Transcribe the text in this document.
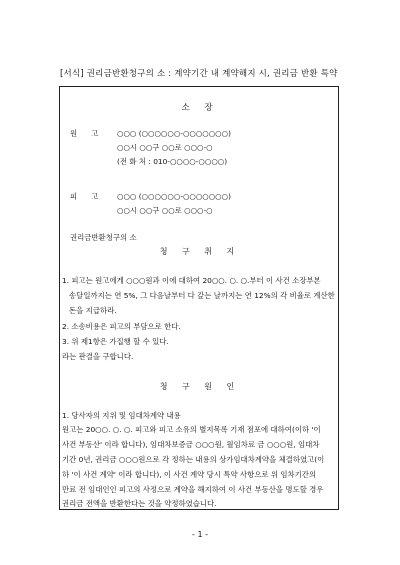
[서식] 권리금반환청구의 소 : 계약기간 내 계약해지 시, 권리금 반환 특약
소 장
원      고	○○○ (○○○○○○-○○○○○○○)
○○시 ○○구 ○○로 ○○○-○
(전 화 처 : 010-○○○○-○○○○)
피      고	○○○ (○○○○○○-○○○○○○○)
○○시 ○○구 ○○로 ○○○-○
권리금반환청구의 소
청 구 취 지
1. 피고는 원고에게 ○○○원과 이에 대하여 20○○. ○. ○.부터 이 사건 소장부본
송달일까지는 연 5%, 그 다음날부터 다 갚는 날까지는 연 12%의 각 비율로 계산한
돈을 지급하라.
2. 소송비용은 피고의 부담으로 한다.
3. 위 제1항은 가집행 할 수 있다.
라는 판결을 구합니다.
청 구 원 인
1. 당사자의 지위 및 임대차계약 내용
원고는 20○○. ○. ○. 피고와 피고 소유의 별지목록 기재 점포에 대하여(이하 '이
사건 부동산' 이라 합니다), 임대차보증금 ○○○원, 월임차료 금 ○○○원, 임대차
기간 0년, 권리금 ○○○원으로 각 정하는 내용의 상가임대차계약을 체결하였고(이
하 '이 사건 계약' 이라 합니다), 이 사건 계약 당시 특약 사항으로 위 임차기간의
만료 전 임대인인 피고의 사정으로 계약을 해지하여 이 사건 부동산을 명도할 경우
권리금 전액을 반환한다는 것을 약정하였습니다.
- 1 -
